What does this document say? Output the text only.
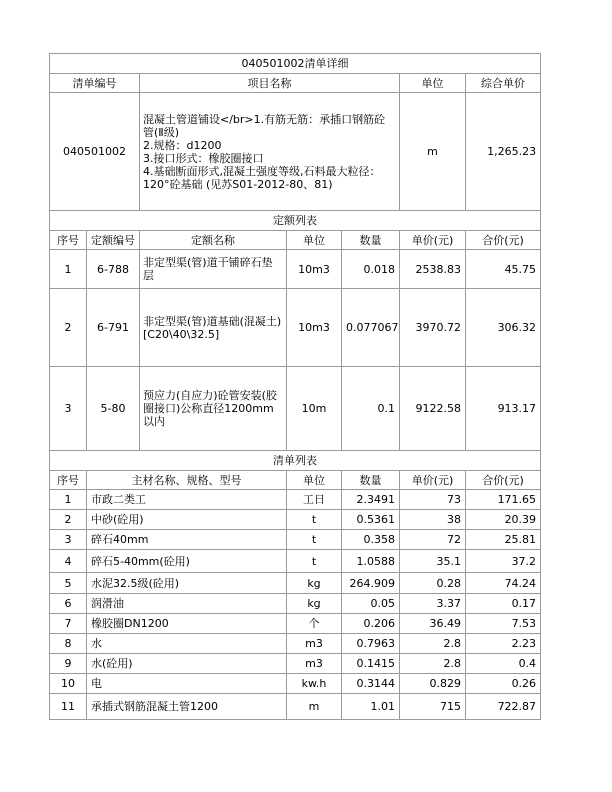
040501002清单详细						
清单编号		项目名称			单位	综合单价
040501002		混凝土管道铺设</br>1.有筋无筋：承插口钢筋砼管(Ⅱ级)
2.规格：d1200
3.接口形式：橡胶圈接口
4.基础断面形式,混凝土强度等级,石料最大粒径：120°砼基础 (见苏S01-2012-80、81)			m	1,265.23
定额列表						
序号	定额编号	定额名称	单位	数量	单价(元)	合价(元)
1	6-788	非定型渠(管)道干铺碎石垫层	10m3	0.018	2538.83	45.75
2	6-791	非定型渠(管)道基础(混凝土)[C20\40\32.5]	10m3	0.077067	3970.72	306.32
3	5-80	预应力(自应力)砼管安装(胶圈接口)公称直径1200mm以内	10m	0.1	9122.58	913.17
清单列表						
序号	主材名称、规格、型号		单位	数量	单价(元)	合价(元)
1	市政二类工		工日	2.3491	73	171.65
2	中砂(砼用)		t	0.5361	38	20.39
3	碎石40mm		t	0.358	72	25.81
4	碎石5-40mm(砼用)		t	1.0588	35.1	37.2
5	水泥32.5级(砼用)		kg	264.909	0.28	74.24
6	润滑油		kg	0.05	3.37	0.17
7	橡胶圈DN1200		个	0.206	36.49	7.53
8	水		m3	0.7963	2.8	2.23
9	水(砼用)		m3	0.1415	2.8	0.4
10	电		kw.h	0.3144	0.829	0.26
11	承插式钢筋混凝土管1200		m	1.01	715	722.87
